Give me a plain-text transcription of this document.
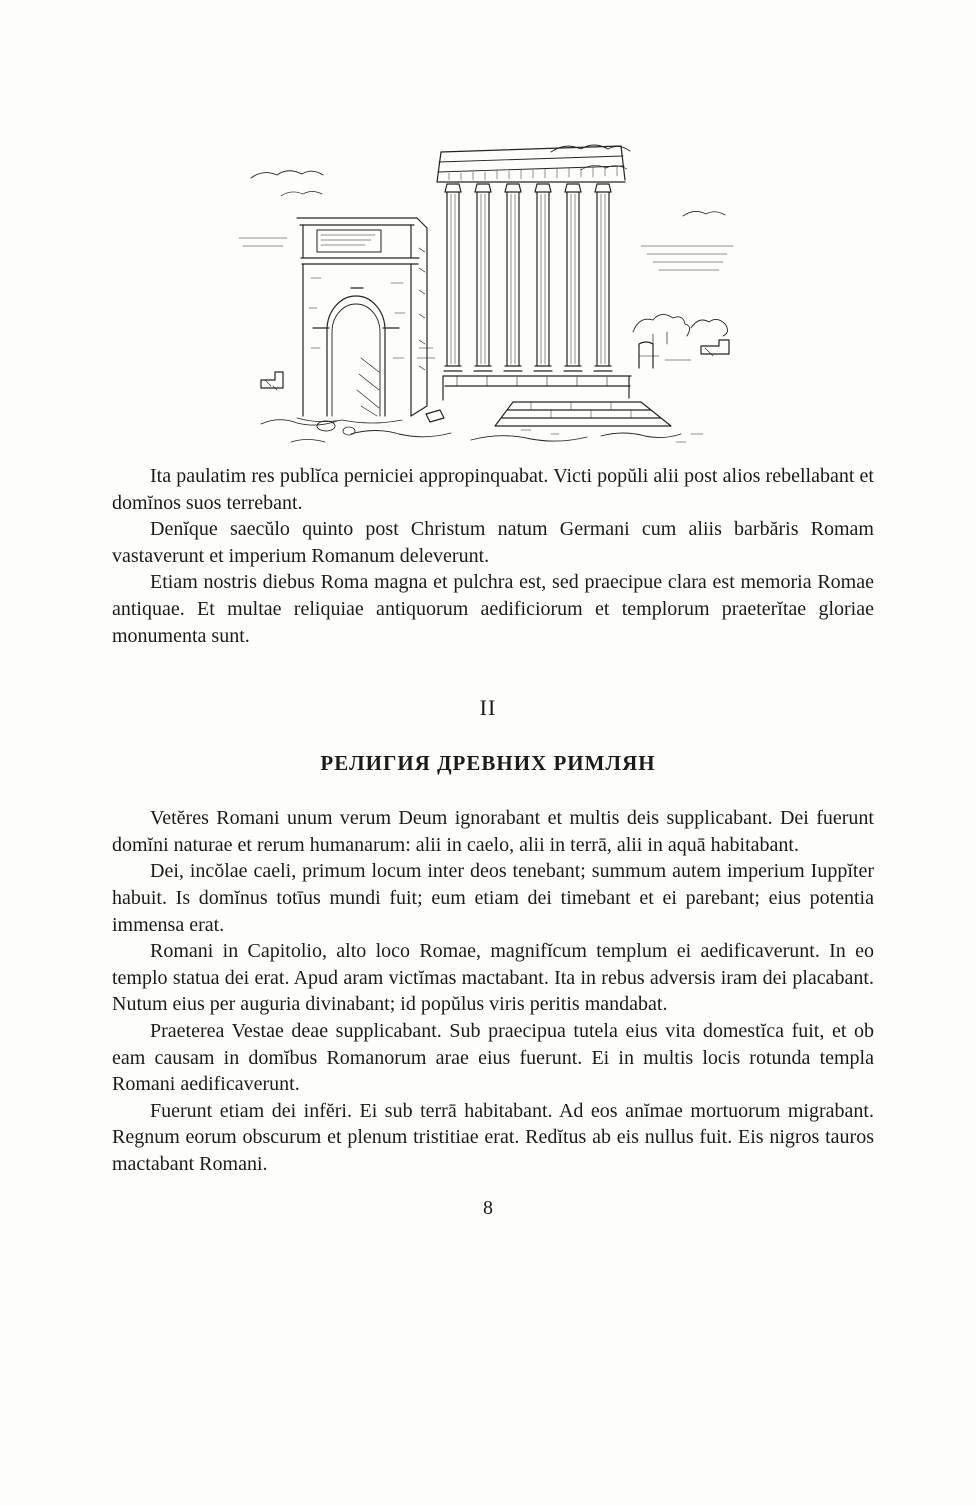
Ita paulatim res publĭca perniciei appropinquabat. Victi popŭli alii post alios rebellabant et domĭnos suos terrebant.

Denĭque saecŭlo quinto post Christum natum Germani cum aliis barbăris Romam vastaverunt et imperium Romanum deleverunt.

Etiam nostris diebus Roma magna et pulchra est, sed praecipue clara est memoria Romae antiquae. Et multae reliquiae antiquorum aedificiorum et templorum praeterĭtae gloriae monumenta sunt.

II
РЕЛИГИЯ ДРЕВНИХ РИМЛЯН

Vetĕres Romani unum verum Deum ignorabant et multis deis supplicabant. Dei fuerunt domĭni naturae et rerum humanarum: alii in caelo, alii in terrā, alii in aquā habitabant.

Dei, incŏlae caeli, primum locum inter deos tenebant; summum autem imperium Iuppĭter habuit. Is domĭnus totīus mundi fuit; eum etiam dei timebant et ei parebant; eius potentia immensa erat.

Romani in Capitolio, alto loco Romae, magnifĭcum templum ei aedificaverunt. In eo templo statua dei erat. Apud aram victĭmas mactabant. Ita in rebus adversis iram dei placabant. Nutum eius per auguria divinabant; id popŭlus viris peritis mandabat.

Praeterea Vestae deae supplicabant. Sub praecipua tutela eius vita domestĭca fuit, et ob eam causam in domĭbus Romanorum arae eius fuerunt. Ei in multis locis rotunda templa Romani aedificaverunt.

Fuerunt etiam dei infĕri. Ei sub terrā habitabant. Ad eos anĭmae mortuorum migrabant. Regnum eorum obscurum et plenum tristitiae erat. Redĭtus ab eis nullus fuit. Eis nigros tauros mactabant Romani.

8
